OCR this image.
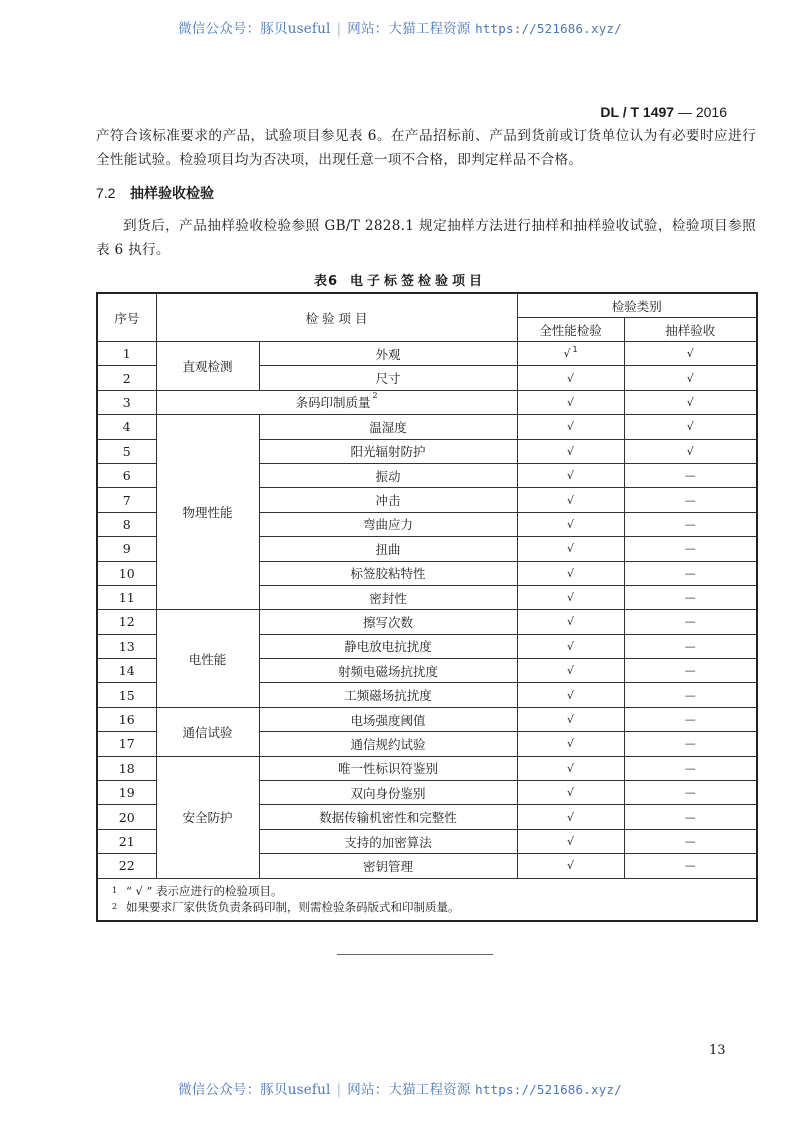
微信公众号：豚贝useful | 网站：大猫工程资源 https://521686.xyz/
DL / T 1497 — 2016
产符合该标准要求的产品，试验项目参见表 6。在产品招标前、产品到货前或订货单位认为有必要时应进行全性能试验。检验项目均为否决项，出现任意一项不合格，即判定样品不合格。
7.2 抽样验收检验
到货后，产品抽样验收检验参照 GB/T 2828.1 规定抽样方法进行抽样和抽样验收试验，检验项目参照表 6 执行。
表6 电子标签检验项目
序号	检 验 项 目		检验类别	
			全性能检验	抽样验收
1	直观检测	外观	√ $^1$	√
2		尺寸	√	√
3	条码印制质量 $^2$		√	√
4	物理性能	温湿度	√	√
5		阳光辐射防护	√	√
6		振动	√	—
7		冲击	√	—
8		弯曲应力	√	—
9		扭曲	√	—
10		标签胶粘特性	√	—
11		密封性	√	—
12	电性能	擦写次数	√	—
13		静电放电抗扰度	√	—
14		射频电磁场抗扰度	√	—
15		工频磁场抗扰度	√	—
16	通信试验	电场强度阈值	√	—
17		通信规约试验	√	—
18	安全防护	唯一性标识符鉴别	√	—
19		双向身份鉴别	√	—
20		数据传输机密性和完整性	√	—
21		支持的加密算法	√	—
22		密钥管理	√	—

1 “ √ ” 表示应进行的检验项目。
2 如果要求厂家供货负责条码印制，则需检验条码版式和印制质量。				
13
微信公众号：豚贝useful | 网站：大猫工程资源 https://521686.xyz/
